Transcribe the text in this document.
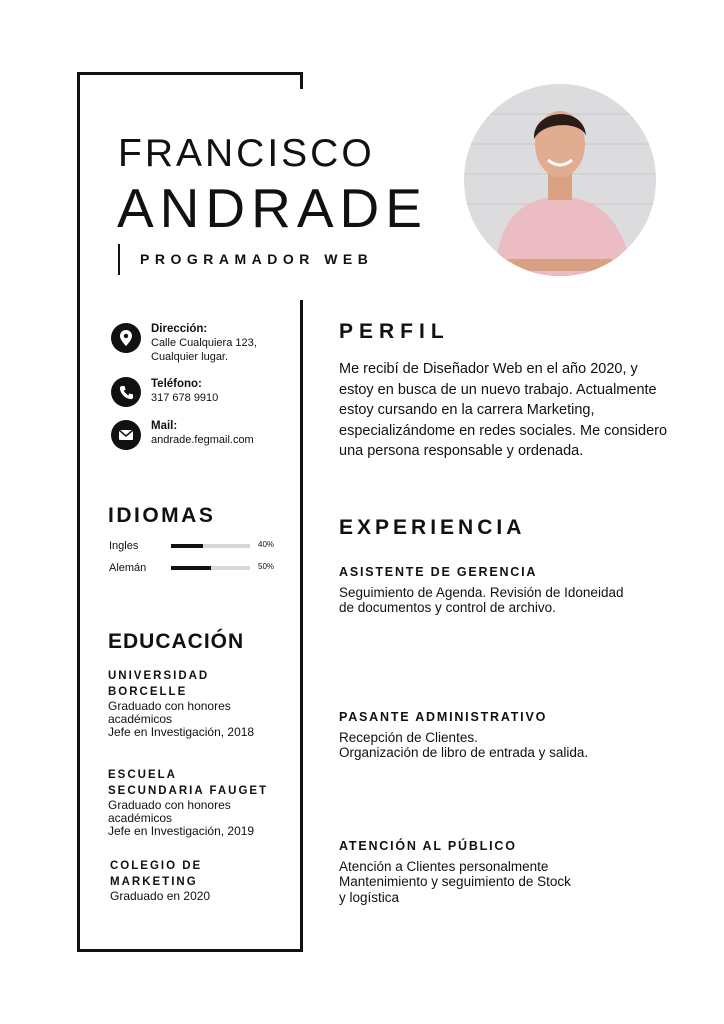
FRANCISCO
ANDRADE
PROGRAMADOR WEB
Dirección:
Calle Cualquiera 123,
Cualquier lugar.
Teléfono:
317 678 9910
Mail:
andrade.fegmail.com
IDIOMAS
Ingles	40%
Alemán	50%
EDUCACIÓN
UNIVERSIDAD
BORCELLE
Graduado con honores
académicos
Jefe en Investigación, 2018
ESCUELA
SECUNDARIA FAUGET
Graduado con honores
académicos
Jefe en Investigación, 2019
COLEGIO DE
MARKETING
Graduado en 2020
PERFIL
Me recibí de Diseñador Web en el año 2020, y estoy en busca de un nuevo trabajo. Actualmente estoy cursando en la carrera Marketing, especializándome en redes sociales. Me considero una persona responsable y ordenada.
EXPERIENCIA
ASISTENTE DE GERENCIA
Seguimiento de Agenda. Revisión de Idoneidad de documentos y control de archivo.
PASANTE ADMINISTRATIVO
Recepción de Clientes.
Organización de libro de entrada y salida.
ATENCIÓN AL PÚBLICO
Atención a Clientes personalmente
Mantenimiento y seguimiento de Stock
y logística
